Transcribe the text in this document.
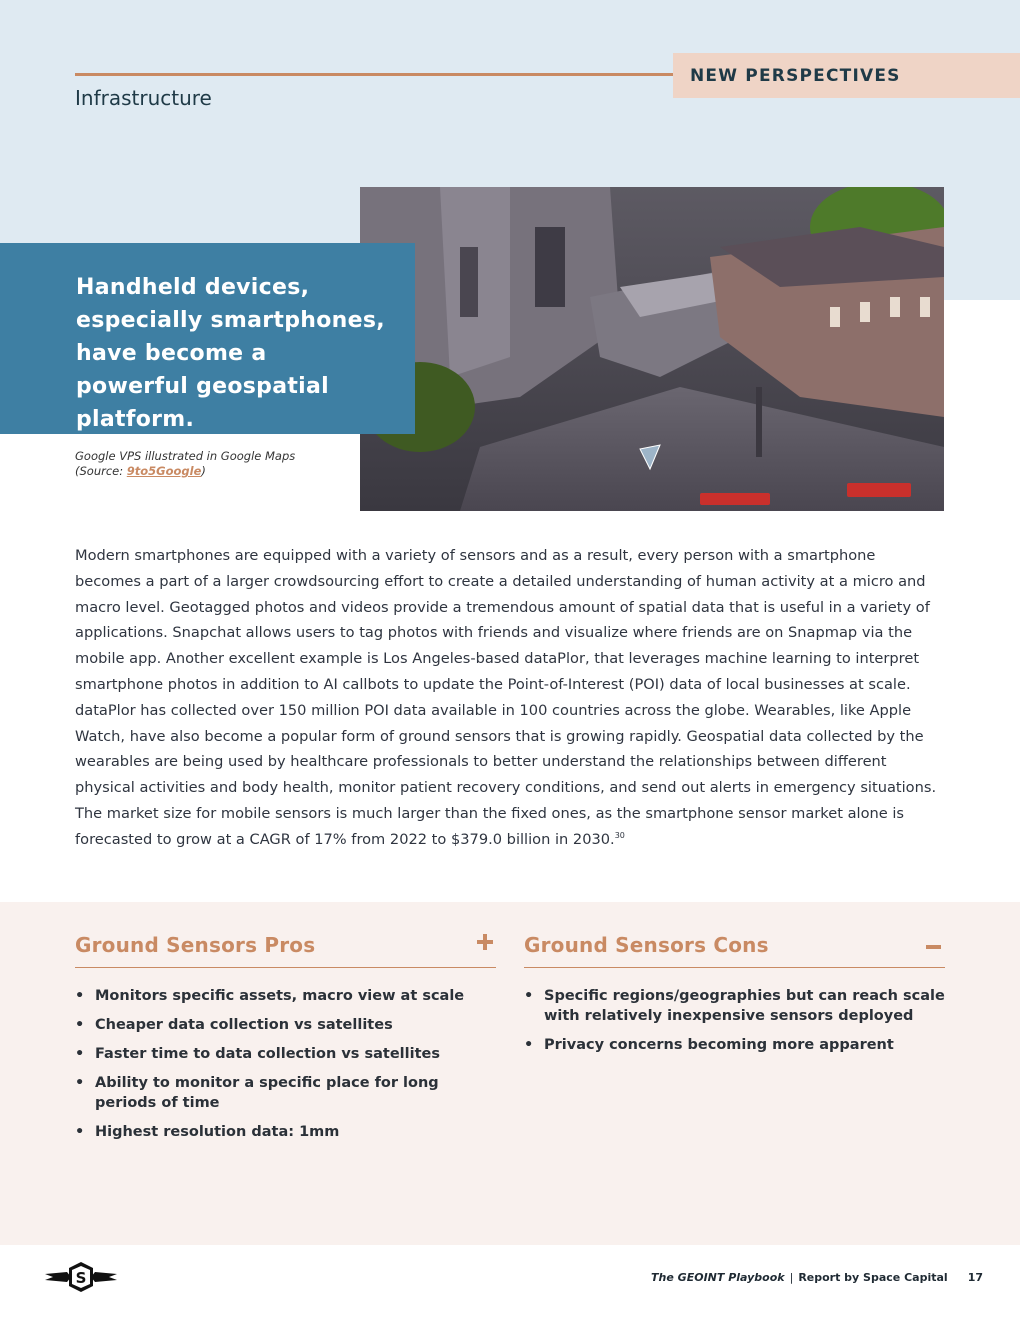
NEW PERSPECTIVES
Infrastructure
Handheld devices, especially smartphones, have become a powerful geospatial platform.
Google VPS illustrated in Google Maps
(Source: 9to5Google)
Modern smartphones are equipped with a variety of sensors and as a result, every person with a smartphone becomes a part of a larger crowdsourcing effort to create a detailed understanding of human activity at a micro and macro level. Geotagged photos and videos provide a tremendous amount of spatial data that is useful in a variety of applications. Snapchat allows users to tag photos with friends and visualize where friends are on Snapmap via the mobile app. Another excellent example is Los Angeles-based dataPlor, that leverages machine learning to interpret smartphone photos in addition to AI callbots to update the Point-of-Interest (POI) data of local businesses at scale. dataPlor has collected over 150 million POI data available in 100 countries across the globe. Wearables, like Apple Watch, have also become a popular form of ground sensors that is growing rapidly. Geospatial data collected by the wearables are being used by healthcare professionals to better understand the relationships between different physical activities and body health, monitor patient recovery conditions, and send out alerts in emergency situations. The market size for mobile sensors is much larger than the fixed ones, as the smartphone sensor market alone is forecasted to grow at a CAGR of 17% from 2022 to $379.0 billion in 2030.30
Ground Sensors Pros
• Monitors specific assets, macro view at scale
• Cheaper data collection vs satellites
• Faster time to data collection vs satellites
• Ability to monitor a specific place for long periods of time
• Highest resolution data: 1mm
Ground Sensors Cons
• Specific regions/geographies but can reach scale with relatively inexpensive sensors deployed
• Privacy concerns becoming more apparent
S	The GEOINT Playbook | Report by Space Capital 17
